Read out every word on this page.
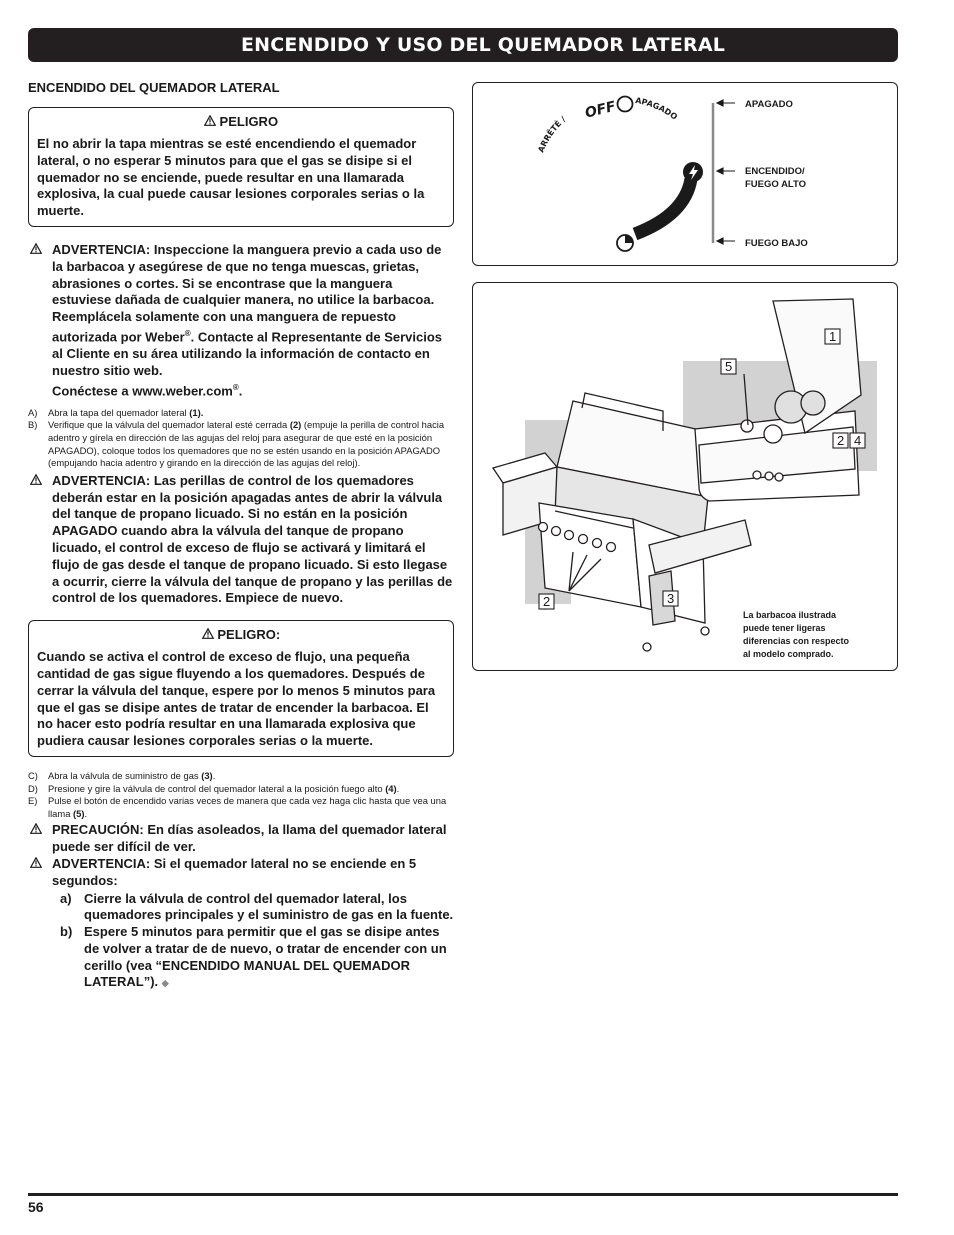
ENCENDIDO Y USO DEL QUEMADOR LATERAL
ENCENDIDO DEL QUEMADOR LATERAL
PELIGRO
El no abrir la tapa mientras se esté encendiendo el quemador lateral, o no esperar 5 minutos para que el gas se disipe si el quemador no se enciende, puede resultar en una llamarada explosiva, la cual puede causar lesiones corporales serias o la muerte.
ADVERTENCIA: Inspeccione la manguera previo a cada uso de la barbacoa y asegúrese de que no tenga muescas, grietas, abrasiones o cortes. Si se encontrase que la manguera estuviese dañada de cualquier manera, no utilice la barbacoa. Reemplácela solamente con una manguera de repuesto autorizada por Weber®. Contacte al Representante de Servicios al Cliente en su área utilizando la información de contacto en nuestro sitio web.
Conéctese a www.weber.com®.
A)	Abra la tapa del quemador lateral (1).
B)	Verifique que la válvula del quemador lateral esté cerrada (2) (empuje la perilla de control hacia adentro y gírela en dirección de las agujas del reloj para asegurar de que esté en la posición APAGADO), coloque todos los quemadores que no se estén usando en la posición APAGADO (empujando hacia adentro y girando en la dirección de las agujas del reloj).
ADVERTENCIA: Las perillas de control de los quemadores deberán estar en la posición apagadas antes de abrir la válvula del tanque de propano licuado. Si no están en la posición APAGADO cuando abra la válvula del tanque de propano licuado, el control de exceso de flujo se activará y limitará el flujo de gas desde el tanque de propano licuado. Si esto llegase a ocurrir, cierre la válvula del tanque de propano y las perillas de control de los quemadores. Empiece de nuevo.
PELIGRO:
Cuando se activa el control de exceso de flujo, una pequeña cantidad de gas sigue fluyendo a los quemadores. Después de cerrar la válvula del tanque, espere por lo menos 5 minutos para que el gas se disipe antes de tratar de encender la barbacoa. El no hacer esto podría resultar en una llamarada explosiva que pudiera causar lesiones corporales serias o la muerte.
C)	Abra la válvula de suministro de gas (3).
D)	Presione y gire la válvula de control del quemador lateral a la posición fuego alto (4).
E)	Pulse el botón de encendido varias veces de manera que cada vez haga clic hasta que vea una llama (5).
PRECAUCIÓN: En días asoleados, la llama del quemador lateral puede ser difícil de ver.
ADVERTENCIA: Si el quemador lateral no se enciende en 5 segundos:
a) Cierre la válvula de control del quemador lateral, los quemadores principales y el suministro de gas en la fuente.
b) Espere 5 minutos para permitir que el gas se disipe antes de volver a tratar de de nuevo, o tratar de encender con un cerillo (vea “ENCENDIDO MANUAL DEL QUEMADOR LATERAL”). ◆
ARRÊTÉ / OFF APAGADO
APAGADO
ENCENDIDO/
FUEGO ALTO
FUEGO BAJO
1
5
2 4
2	3
La barbacoa ilustrada
puede tener ligeras
diferencias con respecto
al modelo comprado.
56
